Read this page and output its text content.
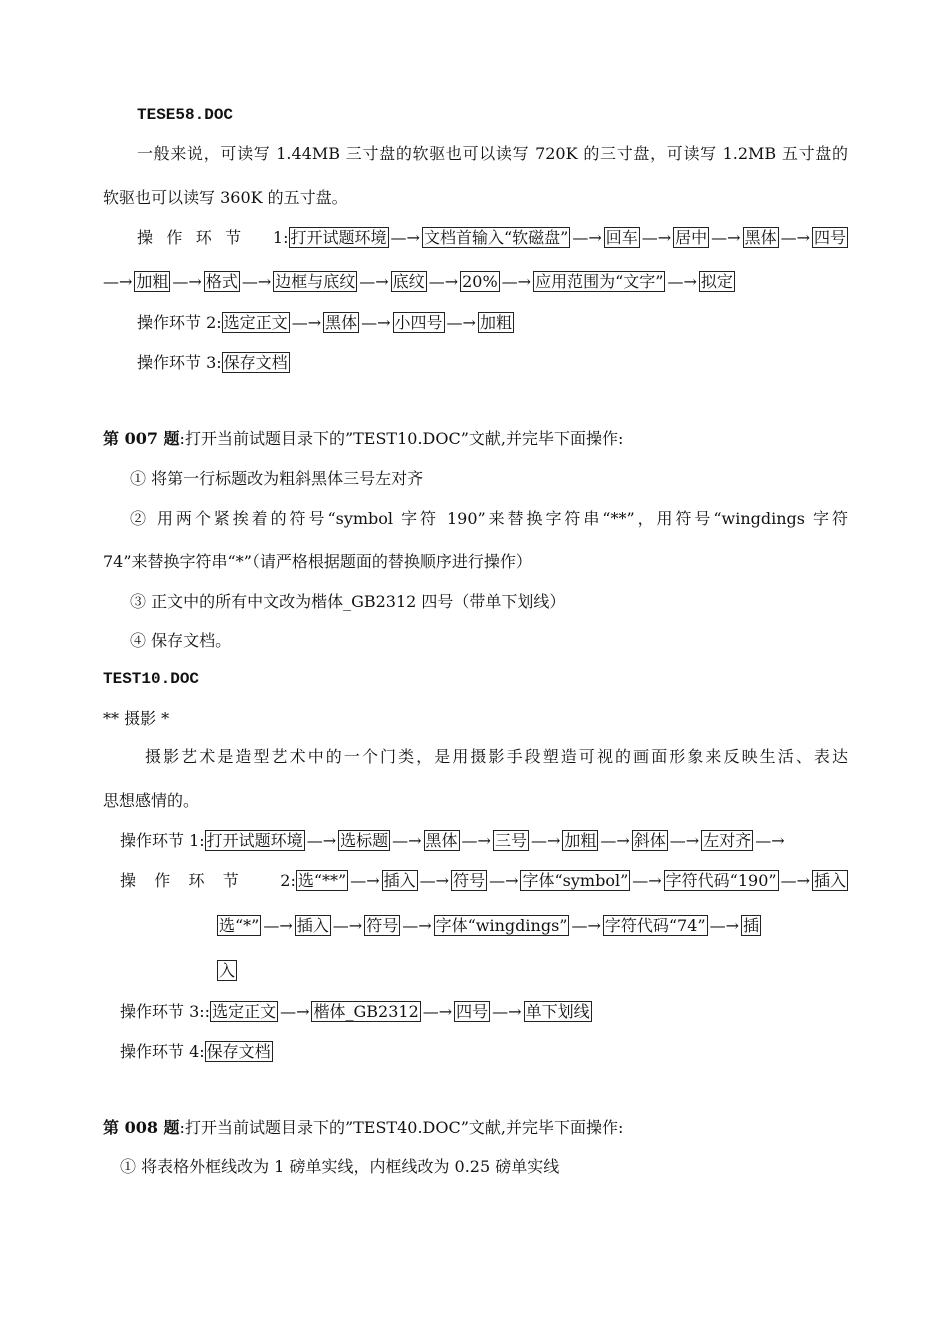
TESE58.DOC
一般来说，可读写 1.44MB 三寸盘的软驱也可以读写 720K 的三寸盘，可读写 1.2MB 五寸盘的
软驱也可以读写 360K 的五寸盘。
操作环节 1: 打开试题环境 —→ 文档首输入“软磁盘” —→ 回车 —→ 居中 —→ 黑体 —→ 四号
—→ 加粗 —→ 格式 —→ 边框与底纹 —→ 底纹 —→ 20% —→ 应用范围为“文字” —→ 拟定
操作环节 2: 选定正文 —→ 黑体 —→ 小四号 —→ 加粗
操作环节 3: 保存文档
第 007 题:打开当前试题目录下的”TEST10.DOC”文献,并完毕下面操作:
① 将第一行标题改为粗斜黑体三号左对齐
② 用两个紧挨着的符号“symbol 字符 190”来替换字符串“**”，用符号“wingdings 字符
74”来替换字符串“*”（请严格根据题面的替换顺序进行操作）
③ 正文中的所有中文改为楷体_GB2312 四号（带单下划线）
④ 保存文档。
TEST10.DOC
** 摄影 *
摄影艺术是造型艺术中的一个门类，是用摄影手段塑造可视的画面形象来反映生活、表达
思想感情的。
操作环节 1: 打开试题环境 —→ 选标题 —→ 黑体 —→ 三号 —→ 加粗 —→ 斜体 —→ 左对齐 —→
操作环节 2: 选“**” —→ 插入 —→ 符号 —→ 字体“symbol” —→ 字符代码“190” —→ 插入
选“*” —→ 插入 —→ 符号 —→ 字体“wingdings” —→ 字符代码“74” —→ 插
入
操作环节 3:: 选定正文 —→ 楷体_GB2312 —→ 四号 —→ 单下划线
操作环节 4: 保存文档
第 008 题:打开当前试题目录下的”TEST40.DOC”文献,并完毕下面操作:
① 将表格外框线改为 1 磅单实线，内框线改为 0.25 磅单实线
